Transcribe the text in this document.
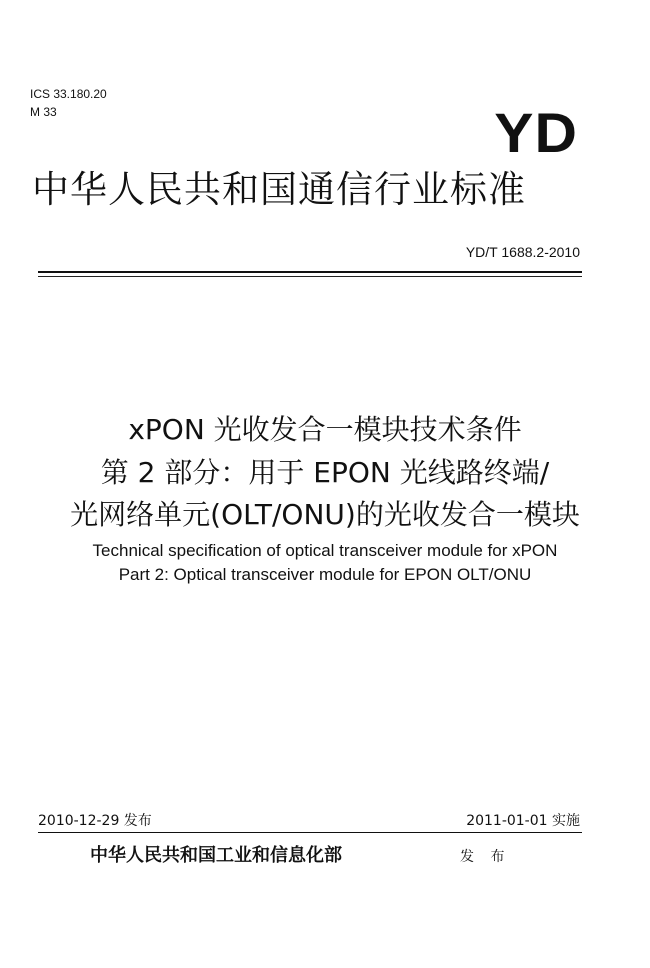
ICS 33.180.20
M 33	YD
中华人民共和国通信行业标准
YD/T 1688.2-2010
xPON 光收发合一模块技术条件
第 2 部分：用于 EPON 光线路终端/
光网络单元(OLT/ONU)的光收发合一模块
Technical specification of optical transceiver module for xPON
Part 2: Optical transceiver module for EPON OLT/ONU
2010-12-29 发布	2011-01-01 实施
中华人民共和国工业和信息化部	发 布
